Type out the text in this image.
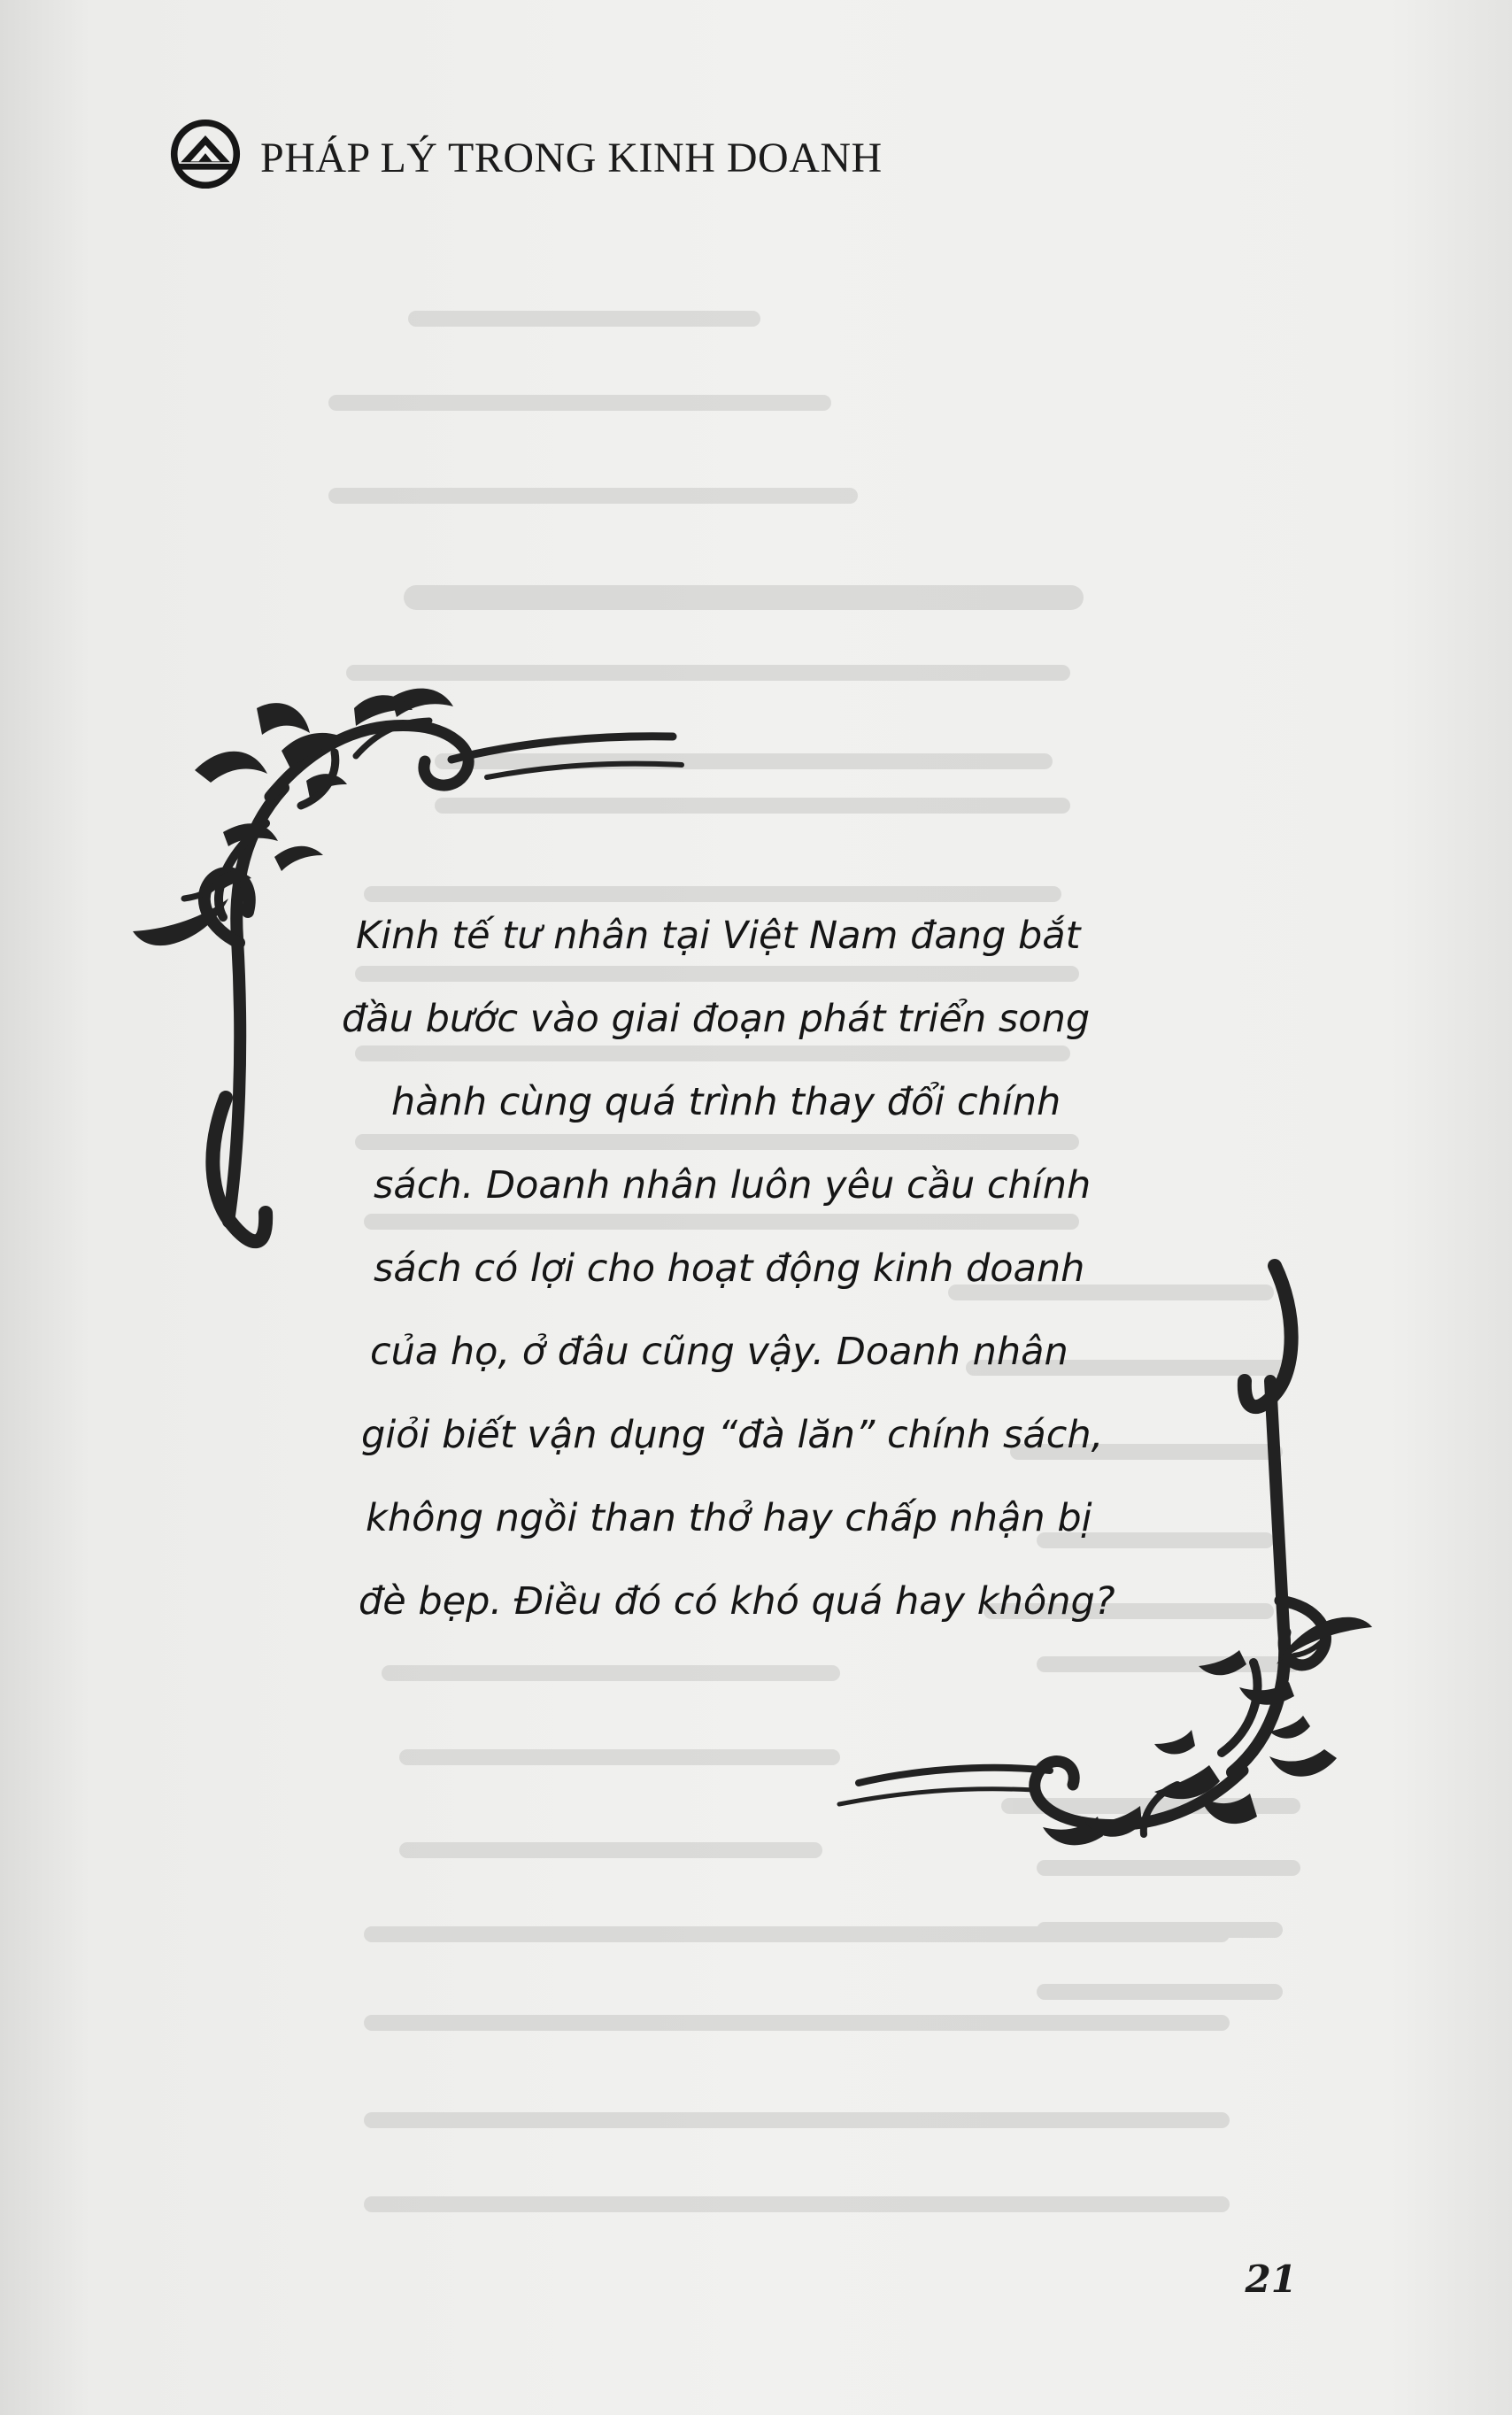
PHÁP LÝ TRONG KINH DOANH
Kinh tế tư nhân tại Việt Nam đang bắt
đầu bước vào giai đoạn phát triển song
hành cùng quá trình thay đổi chính
sách. Doanh nhân luôn yêu cầu chính
sách có lợi cho hoạt động kinh doanh
của họ, ở đâu cũng vậy. Doanh nhân
giỏi biết vận dụng “đà lăn” chính sách,
không ngồi than thở hay chấp nhận bị
đè bẹp. Điều đó có khó quá hay không?
21
